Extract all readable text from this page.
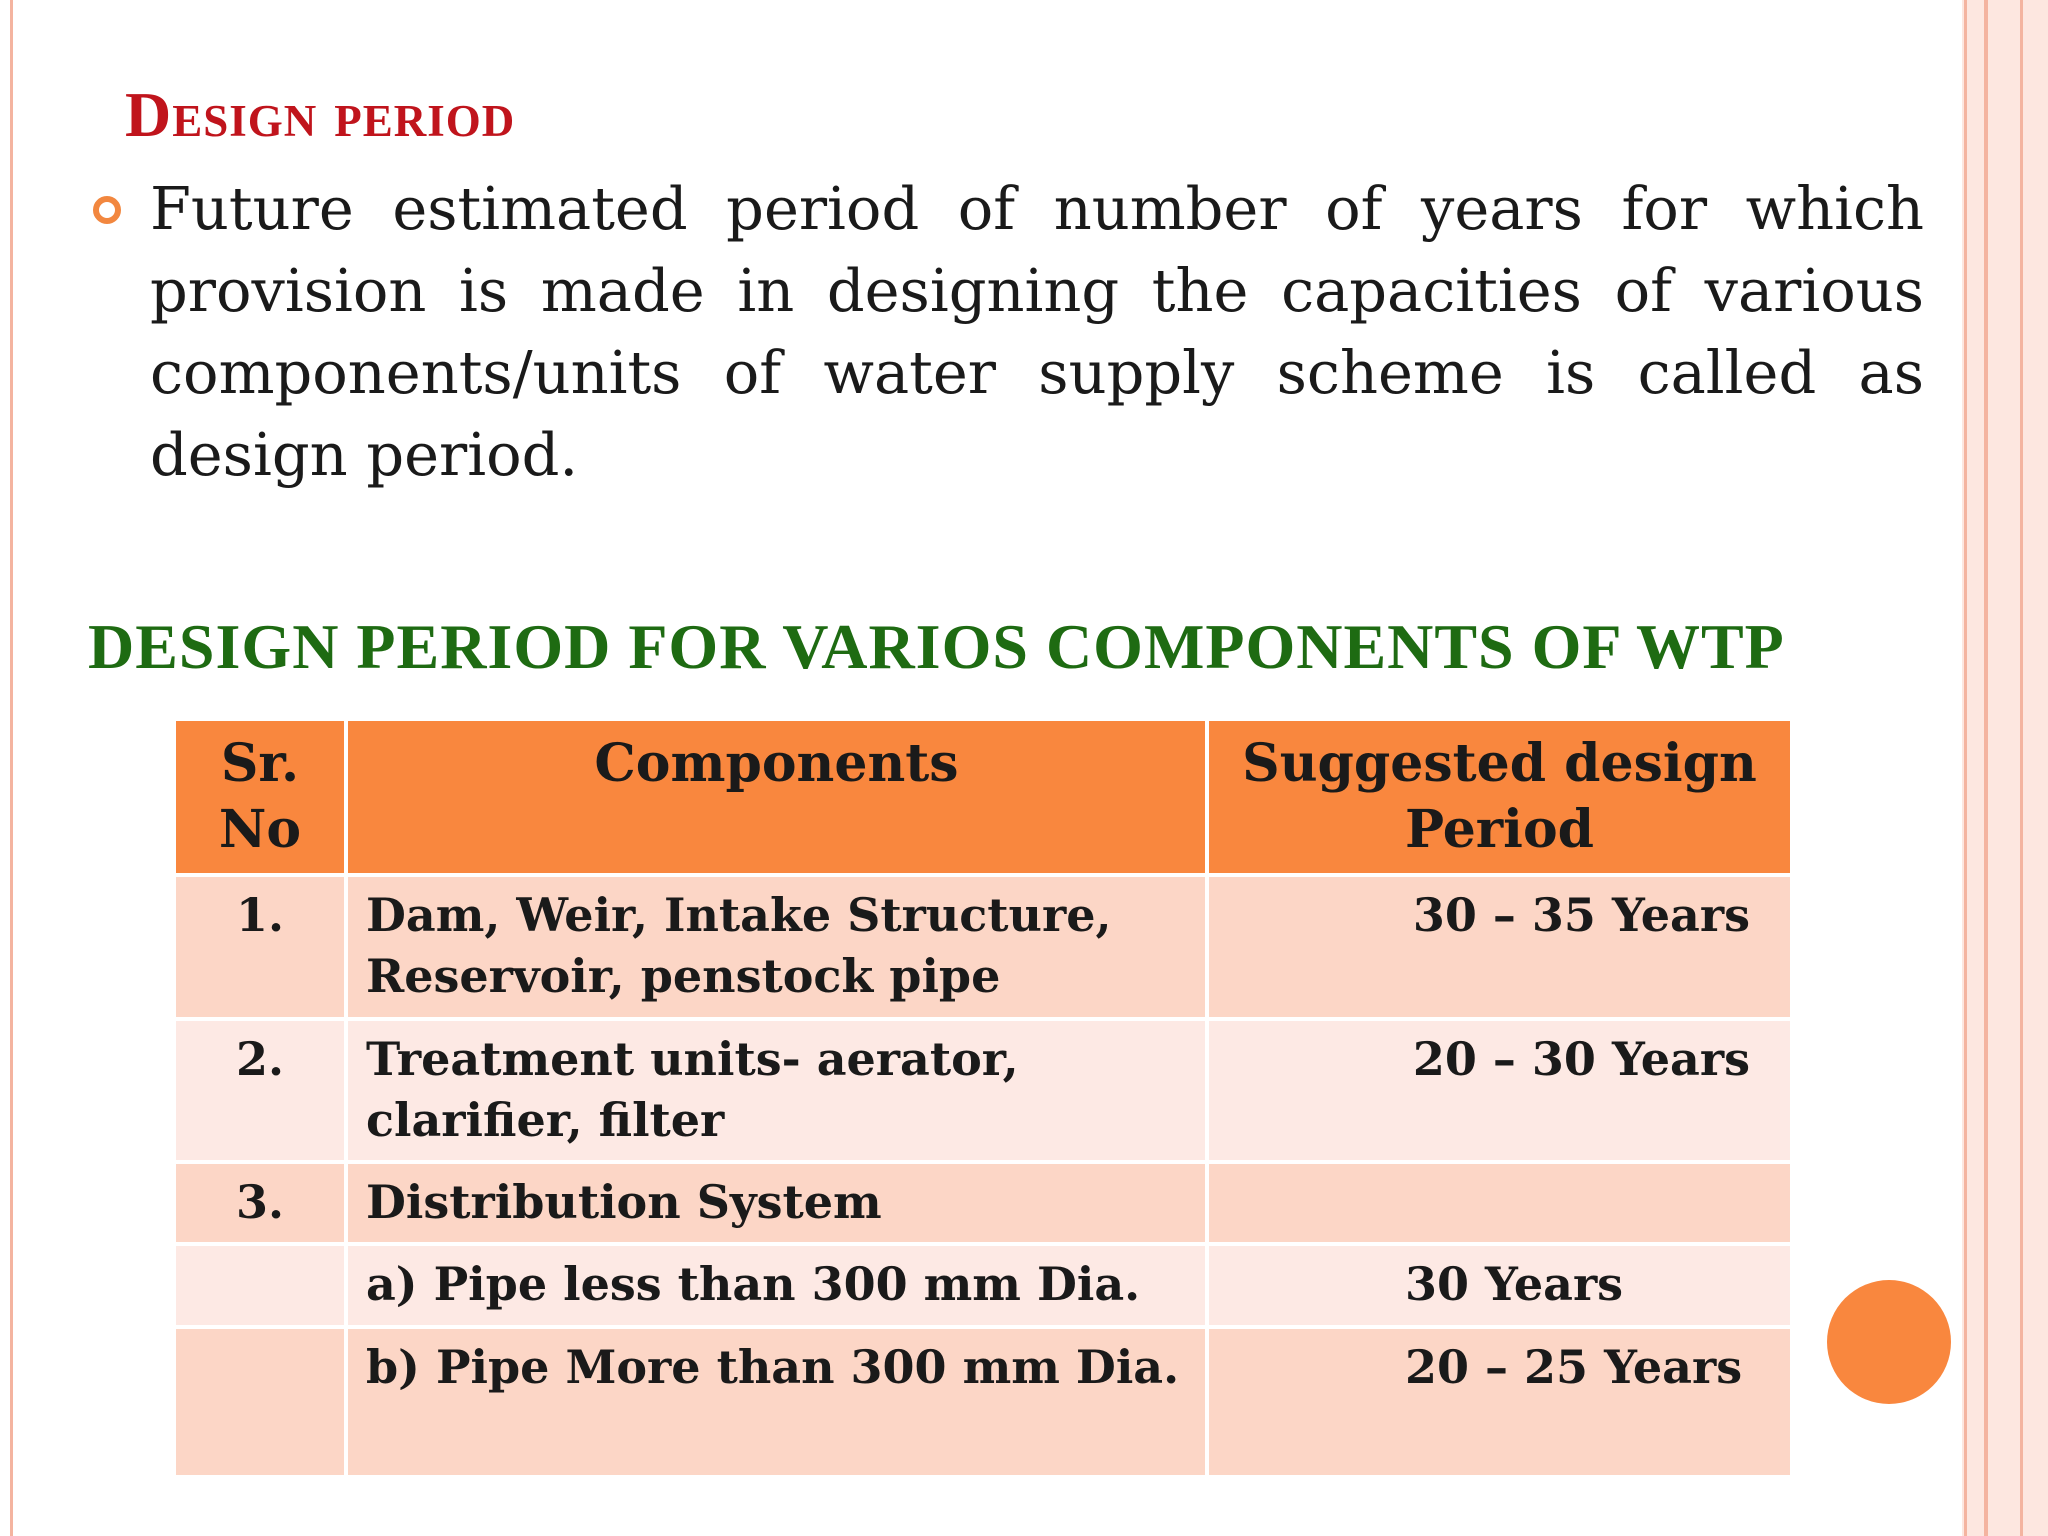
Design period

Future estimated period of number of years for which provision is made in designing the capacities of various components/units of water supply scheme is called as design period.

DESIGN PERIOD FOR VARIOS COMPONENTS OF WTP
Sr. No	Components	Suggested design Period
1.	Dam, Weir, Intake Structure, Reservoir, penstock pipe	30 – 35 Years
2.	Treatment units- aerator, clarifier, filter	20 – 30 Years
3.	Distribution System	
	a) Pipe less than 300 mm Dia.	30 Years
	b) Pipe More than 300 mm Dia.	20 – 25 Years
